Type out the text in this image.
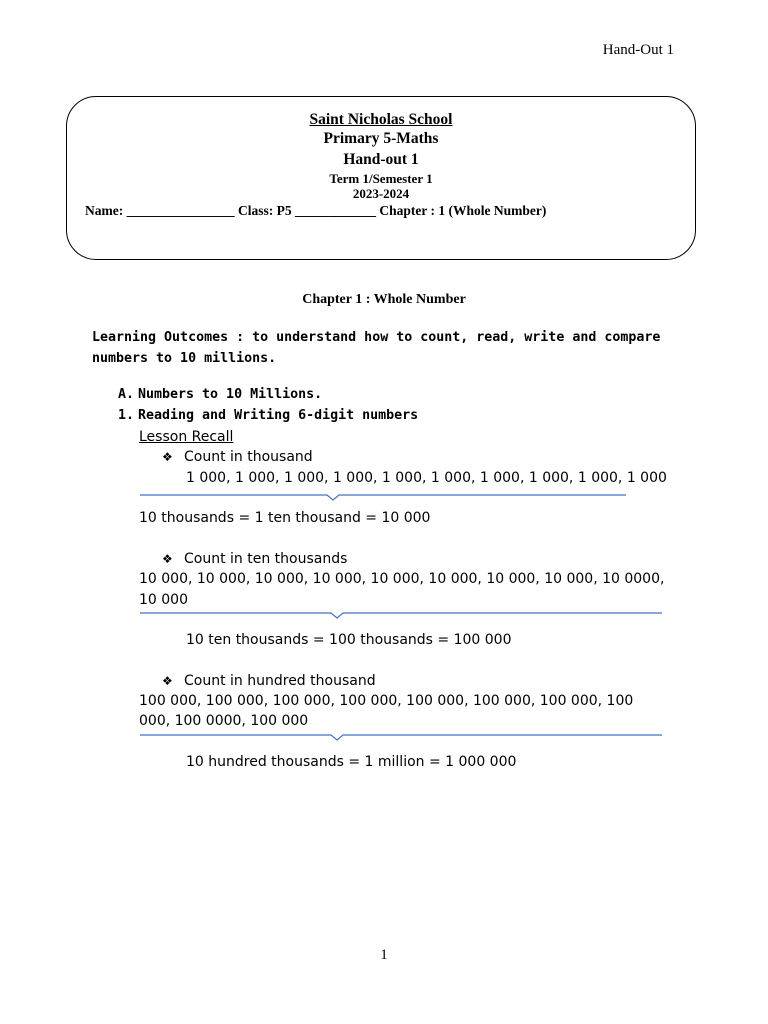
Hand-Out 1
Saint Nicholas School
Primary 5-Maths
Hand-out 1
Term 1/Semester 1
2023-2024
Name: ________________ Class: P5 ____________ Chapter : 1 (Whole Number)
Chapter 1 : Whole Number
Learning Outcomes : to understand how to count, read, write and compare numbers to 10 millions.
A. Numbers to 10 Millions.
1. Reading and Writing 6-digit numbers
Lesson Recall
❖ Count in thousand
1 000, 1 000, 1 000, 1 000, 1 000, 1 000, 1 000, 1 000, 1 000, 1 000
10 thousands = 1 ten thousand = 10 000
❖ Count in ten thousands
10 000, 10 000, 10 000, 10 000, 10 000, 10 000, 10 000, 10 000, 10 0000,
10 000
10 ten thousands = 100 thousands = 100 000
❖ Count in hundred thousand
100 000, 100 000, 100 000, 100 000, 100 000, 100 000, 100 000, 100
000, 100 0000, 100 000
10 hundred thousands = 1 million = 1 000 000
1
